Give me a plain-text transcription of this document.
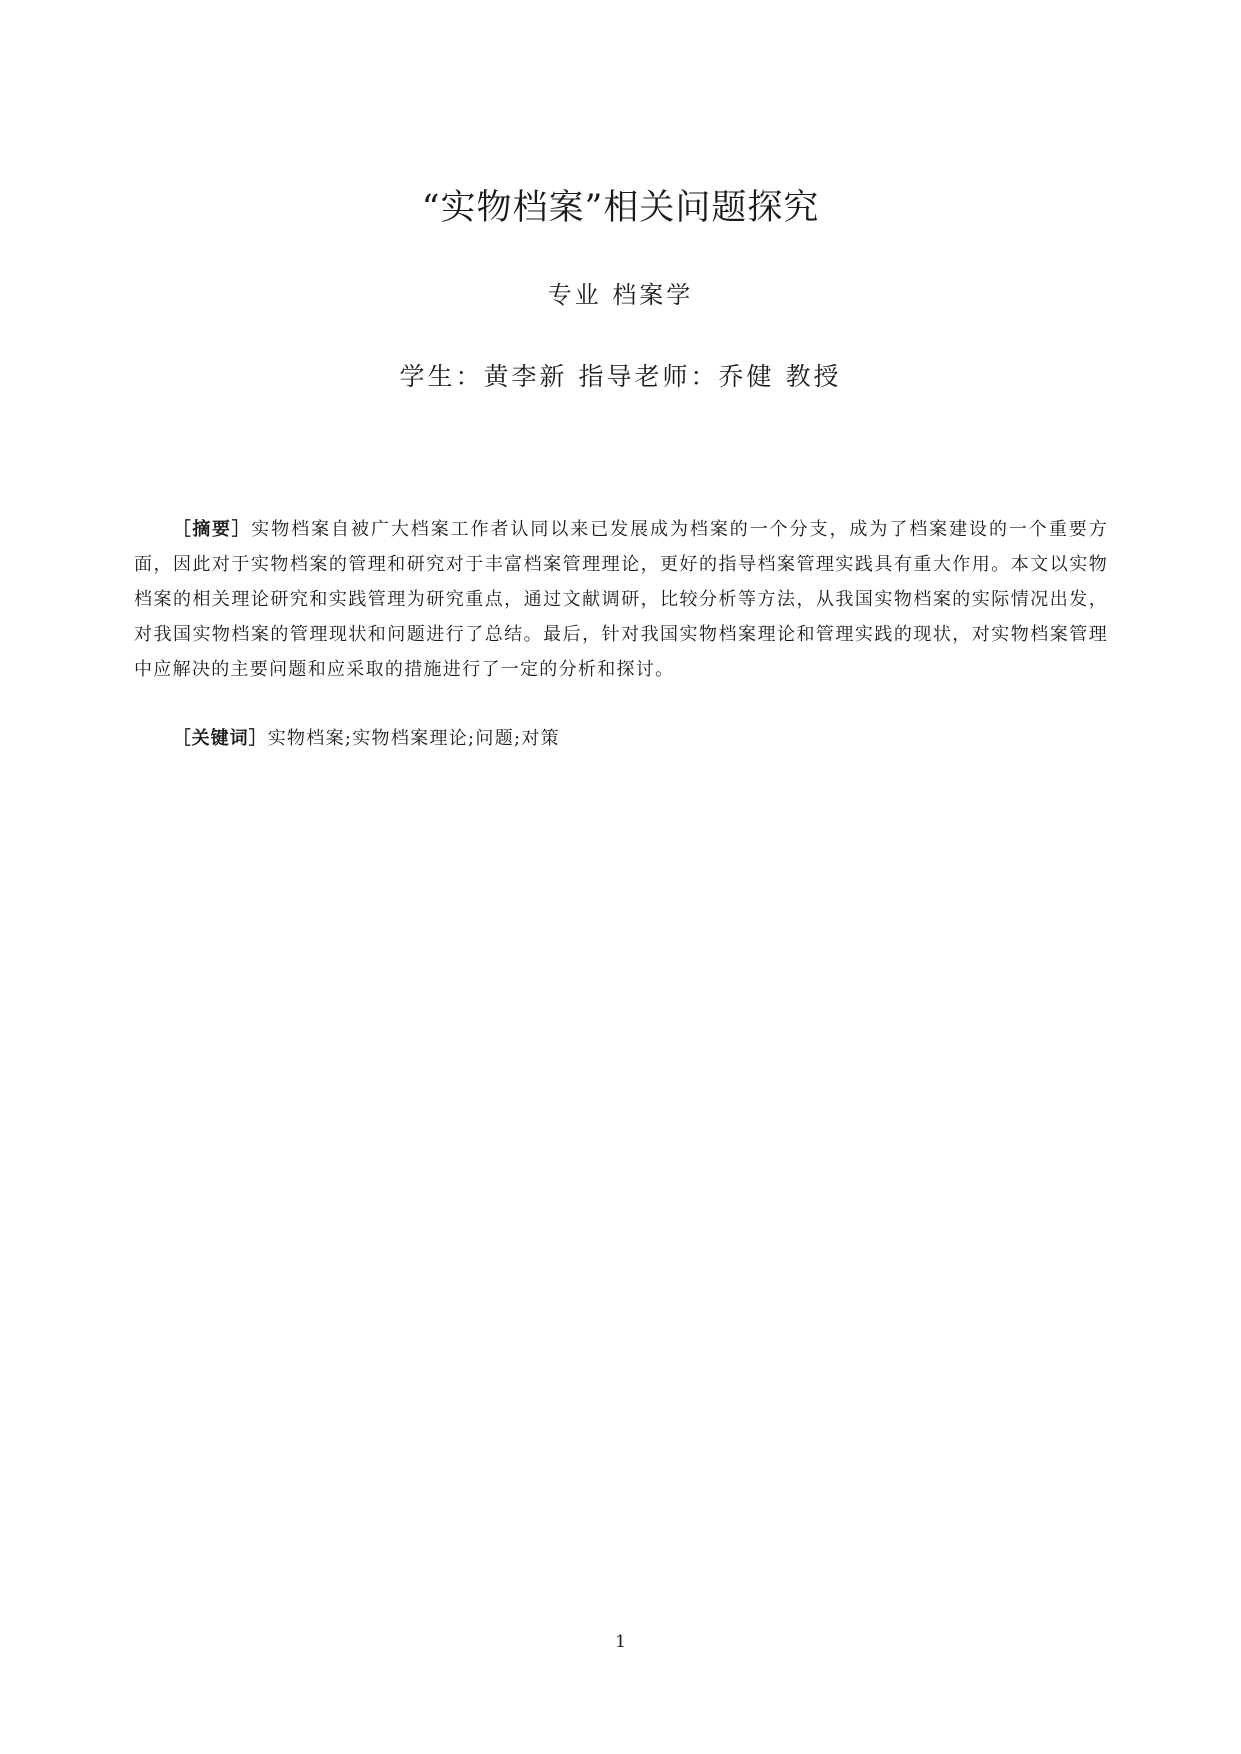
“实物档案”相关问题探究
专业 档案学
学生：黄李新 指导老师：乔健 教授

［摘要］实物档案自被广大档案工作者认同以来已发展成为档案的一个分支，成为了档案建设的一个重要方面，因此对于实物档案的管理和研究对于丰富档案管理理论，更好的指导档案管理实践具有重大作用。本文以实物档案的相关理论研究和实践管理为研究重点，通过文献调研，比较分析等方法，从我国实物档案的实际情况出发，对我国实物档案的管理现状和问题进行了总结。最后，针对我国实物档案理论和管理实践的现状，对实物档案管理中应解决的主要问题和应采取的措施进行了一定的分析和探讨。

［关键词］实物档案;实物档案理论;问题;对策

1
